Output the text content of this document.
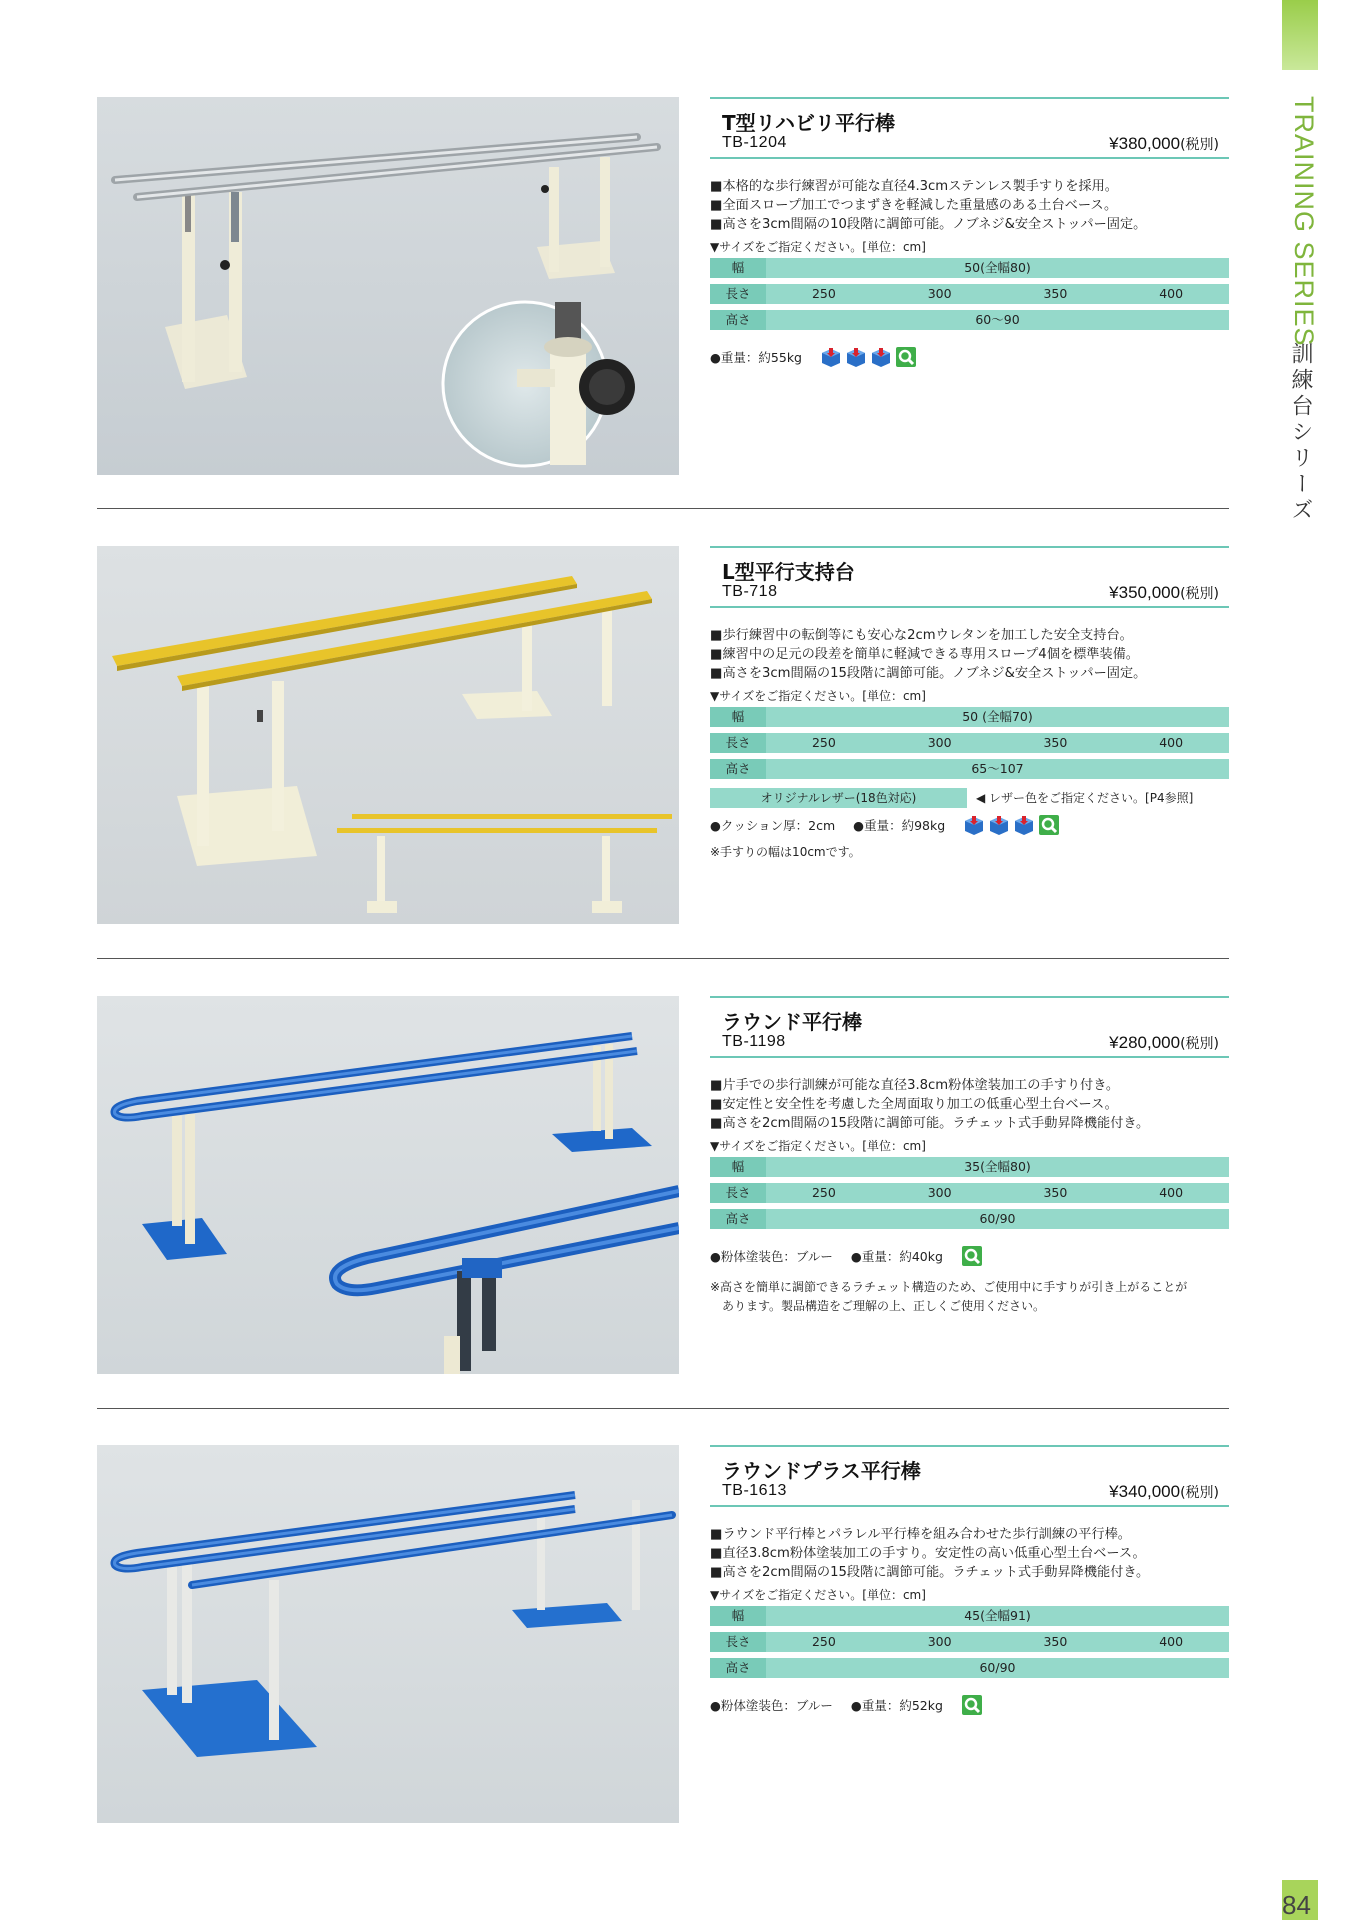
TRAINING SERIES
訓練台シリーズ
84
T型リハビリ平行棒
TB-1204	¥380,000(税別)
■本格的な歩行練習が可能な直径4.3cmステンレス製手すりを採用。
■全面スロープ加工でつまずきを軽減した重量感のある土台ベース。
■高さを3cm間隔の10段階に調節可能。ノブネジ&安全ストッパー固定。
▼サイズをご指定ください。[単位：cm]
幅	50(全幅80)
長さ	250	300	350	400
高さ	60〜90
●重量：約55kg
L型平行支持台
TB-718	¥350,000(税別)
■歩行練習中の転倒等にも安心な2cmウレタンを加工した安全支持台。
■練習中の足元の段差を簡単に軽減できる専用スロープ4個を標準装備。
■高さを3cm間隔の15段階に調節可能。ノブネジ&安全ストッパー固定。
▼サイズをご指定ください。[単位：cm]
幅	50 (全幅70)
長さ	250	300	350	400
高さ	65〜107
オリジナルレザー(18色対応)	◀ レザー色をご指定ください。[P4参照]
●クッション厚：2cm ●重量：約98kg
※手すりの幅は10cmです。
ラウンド平行棒
TB-1198	¥280,000(税別)
■片手での歩行訓練が可能な直径3.8cm粉体塗装加工の手すり付き。
■安定性と安全性を考慮した全周面取り加工の低重心型土台ベース。
■高さを2cm間隔の15段階に調節可能。ラチェット式手動昇降機能付き。
▼サイズをご指定ください。[単位：cm]
幅	35(全幅80)
長さ	250	300	350	400
高さ	60/90
●粉体塗装色：ブルー ●重量：約40kg
※高さを簡単に調節できるラチェット構造のため、ご使用中に手すりが引き上がることが
　あります。製品構造をご理解の上、正しくご使用ください。
ラウンドプラス平行棒
TB-1613	¥340,000(税別)
■ラウンド平行棒とパラレル平行棒を組み合わせた歩行訓練の平行棒。
■直径3.8cm粉体塗装加工の手すり。安定性の高い低重心型土台ベース。
■高さを2cm間隔の15段階に調節可能。ラチェット式手動昇降機能付き。
▼サイズをご指定ください。[単位：cm]
幅	45(全幅91)
長さ	250	300	350	400
高さ	60/90
●粉体塗装色：ブルー ●重量：約52kg
